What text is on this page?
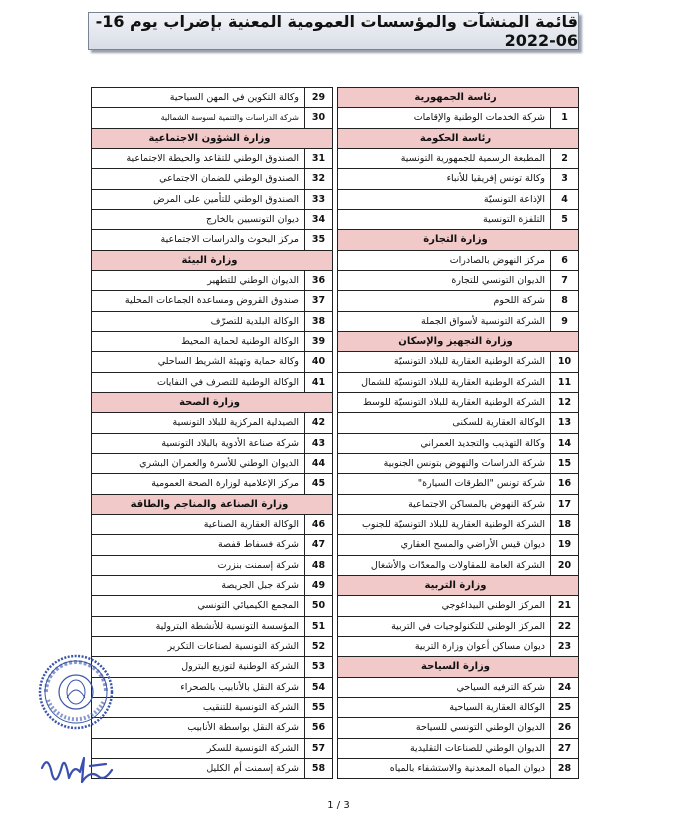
قائمة المنشآت والمؤسسات العمومية المعنية بإضراب يوم 16-06-2022
رئاسة الجمهورية
1
شركة الخدمات الوطنية والإقامات
رئاسة الحكومة
2
المطبعة الرسمية للجمهورية التونسية
3
وكالة تونس إفريقيا للأنباء
4
الإذاعة التونسيّة
5
التلفزة التونسية
وزارة التجارة
6
مركز النهوض بالصادرات
7
الديوان التونسي للتجارة
8
شركة اللحوم
9
الشركة التونسية لأسواق الجملة
وزارة التجهيز والإسكان
10
الشركة الوطنية العقارية للبلاد التونسيّة
11
الشركة الوطنية العقارية للبلاد التونسيّة للشمال
12
الشركة الوطنية العقارية للبلاد التونسيّة للوسط
13
الوكالة العقارية للسكنى
14
وكالة التهذيب والتجديد العمراني
15
شركة الدراسات والنهوض بتونس الجنوبية
16
شركة تونس "الطرقات السيارة"
17
شركة النهوض بالمساكن الاجتماعية
18
الشركة الوطنية العقارية للبلاد التونسيّة للجنوب
19
ديوان قيس الأراضي والمسح العقاري
20
الشركة العامة للمقاولات والمعدّات والأشغال
وزارة التربية
21
المركز الوطني البيداغوجي
22
المركز الوطني للتكنولوجيات في التربية
23
ديوان مساكن أعوان وزارة التربية
وزارة السياحة
24
شركة الترفيه السياحي
25
الوكالة العقارية السياحية
26
الديوان الوطني التونسي للسياحة
27
الديوان الوطني للصناعات التقليدية
28
ديوان المياه المعدنية والاستشفاء بالمياه
29
وكالة التكوين في المهن السياحية
30
شركة الدراسات والتنمية لسوسة الشمالية
وزارة الشؤون الاجتماعية
31
الصندوق الوطني للتقاعد والحيطة الاجتماعية
32
الصندوق الوطني للضمان الاجتماعي
33
الصندوق الوطني للتأمين على المرض
34
ديوان التونسيين بالخارج
35
مركز البحوث والدراسات الاجتماعية
وزارة البيئة
36
الديوان الوطني للتطهير
37
صندوق القروض ومساعدة الجماعات المحلية
38
الوكالة البلدية للتصرّف
39
الوكالة الوطنية لحماية المحيط
40
وكالة حماية وتهيئة الشريط الساحلي
41
الوكالة الوطنية للتصرف في النفايات
وزارة الصحة
42
الصيدلية المركزية للبلاد التونسية
43
شركة صناعة الأدوية بالبلاد التونسية
44
الديوان الوطني للأسرة والعمران البشري
45
مركز الإعلامية لوزارة الصحة العمومية
وزارة الصناعة والمناجم والطاقة
46
الوكالة العقارية الصناعية
47
شركة فسفاط قفصة
48
شركة إسمنت بنزرت
49
شركة جبل الجريصة
50
المجمع الكيميائي التونسي
51
المؤسسة التونسية للأنشطة البترولية
52
الشركة التونسية لصناعات التكرير
53
الشركة الوطنية لتوزيع البترول
54
شركة النقل بالأنابيب بالصحراء
55
الشركة التونسية للتنقيب
56
شركة النقل بواسطة الأنابيب
57
الشركة التونسية للسكر
58
شركة إسمنت أم الكليل
1 / 3
